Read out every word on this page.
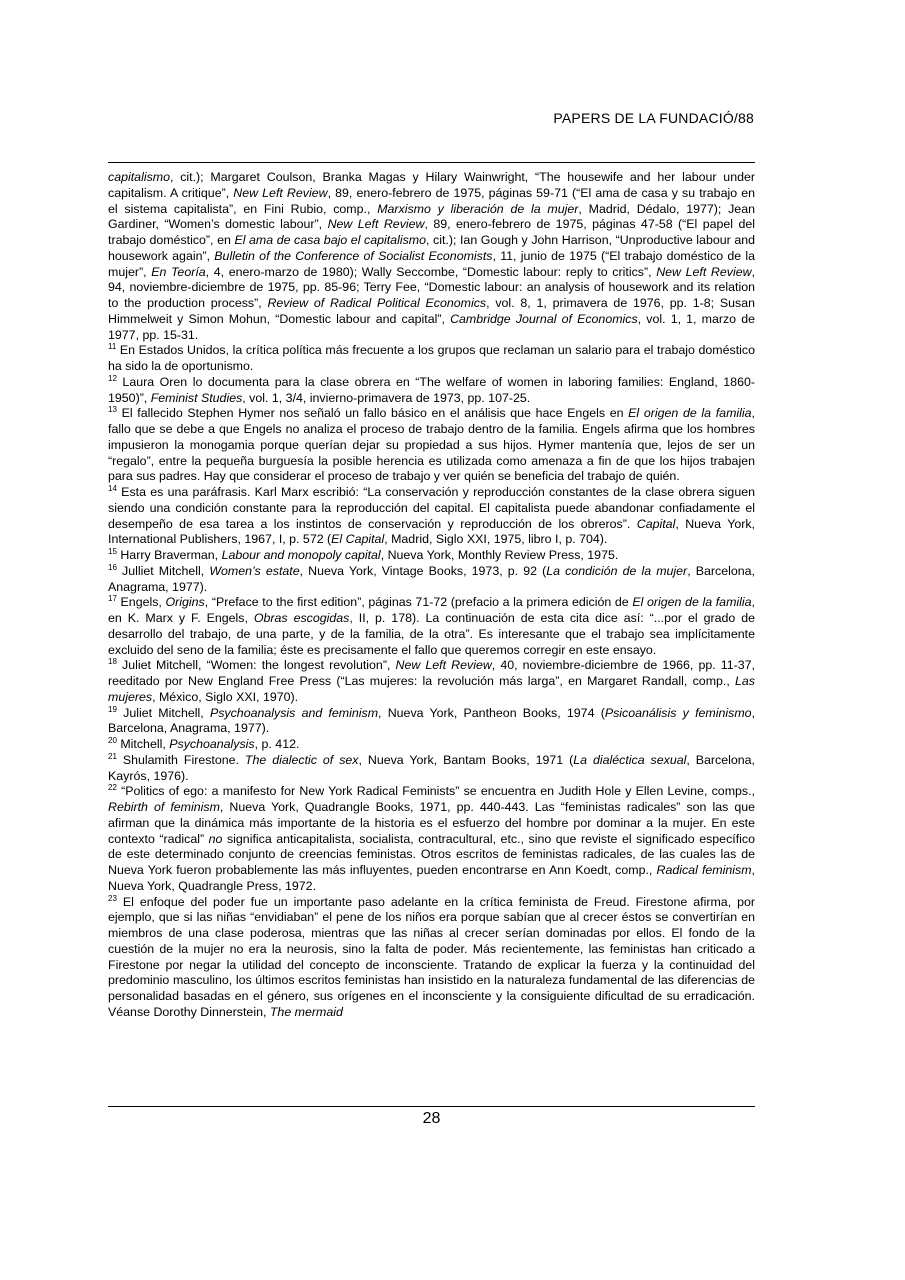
PAPERS DE LA FUNDACIÓ/88

capitalismo, cit.); Margaret Coulson, Branka Magas y Hilary Wainwright, “The housewife and her labour under capitalism. A critique”, New Left Review, 89, enero-febrero de 1975, páginas 59-71 (“El ama de casa y su trabajo en el sistema capitalista”, en Fini Rubio, comp., Marxismo y liberación de la mujer, Madrid, Dédalo, 1977); Jean Gardiner, “Women’s domestic labour”, New Left Review, 89, enero-febrero de 1975, páginas 47-58 (“El papel del trabajo doméstico”, en El ama de casa bajo el capitalismo, cit.); Ian Gough y John Harrison, “Unproductive labour and housework again”, Bulletin of the Conference of Socialist Economists, 11, junio de 1975 (“El trabajo doméstico de la mujer”, En Teoría, 4, enero-marzo de 1980); Wally Seccombe, “Domestic labour: reply to critics”, New Left Review, 94, noviembre-diciembre de 1975, pp. 85-96; Terry Fee, “Domestic labour: an analysis of housework and its relation to the production process”, Review of Radical Political Economics, vol. 8, 1, primavera de 1976, pp. 1-8; Susan Himmelweit y Simon Mohun, “Domestic labour and capital”, Cambridge Journal of Economics, vol. 1, 1, marzo de 1977, pp. 15-31.

$^{11}$ En Estados Unidos, la crítica política más frecuente a los grupos que reclaman un salario para el trabajo doméstico ha sido la de oportunismo.

$^{12}$ Laura Oren lo documenta para la clase obrera en “The welfare of women in laboring families: England, 1860-1950)”, Feminist Studies, vol. 1, 3/4, invierno-primavera de 1973, pp. 107-25.

$^{13}$ El fallecido Stephen Hymer nos señaló un fallo básico en el análisis que hace Engels en El origen de la familia, fallo que se debe a que Engels no analiza el proceso de trabajo dentro de la familia. Engels afirma que los hombres impusieron la monogamia porque querían dejar su propiedad a sus hijos. Hymer mantenía que, lejos de ser un “regalo”, entre la pequeña burguesía la posible herencia es utilizada como amenaza a fin de que los hijos trabajen para sus padres. Hay que considerar el proceso de trabajo y ver quién se beneficia del trabajo de quién.

$^{14}$ Esta es una paráfrasis. Karl Marx escribió: “La conservación y reproducción constantes de la clase obrera siguen siendo una condición constante para la reproducción del capital. El capitalista puede abandonar confiadamente el desempeño de esa tarea a los instintos de conservación y reproducción de los obreros”. Capital, Nueva York, International Publishers, 1967, I, p. 572 (El Capital, Madrid, Siglo XXI, 1975, libro I, p. 704).

$^{15}$ Harry Braverman, Labour and monopoly capital, Nueva York, Monthly Review Press, 1975.

$^{16}$ Julliet Mitchell, Women’s estate, Nueva York, Vintage Books, 1973, p. 92 (La condición de la mujer, Barcelona, Anagrama, 1977).

$^{17}$ Engels, Origins, “Preface to the first edition”, páginas 71-72 (prefacio a la primera edición de El origen de la familia, en K. Marx y F. Engels, Obras escogidas, II, p. 178). La continuación de esta cita dice así: “...por el grado de desarrollo del trabajo, de una parte, y de la familia, de la otra”. Es interesante que el trabajo sea implícitamente excluido del seno de la familia; éste es precisamente el fallo que queremos corregir en este ensayo.

$^{18}$ Juliet Mitchell, “Women: the longest revolution”, New Left Review, 40, noviembre-diciembre de 1966, pp. 11-37, reeditado por New England Free Press (“Las mujeres: la revolución más larga”, en Margaret Randall, comp., Las mujeres, México, Siglo XXI, 1970).

$^{19}$ Juliet Mitchell, Psychoanalysis and feminism, Nueva York, Pantheon Books, 1974 (Psicoanálisis y feminismo, Barcelona, Anagrama, 1977).

$^{20}$ Mitchell, Psychoanalysis, p. 412.

$^{21}$ Shulamith Firestone. The dialectic of sex, Nueva York, Bantam Books, 1971 (La dialéctica sexual, Barcelona, Kayrós, 1976).

$^{22}$ “Politics of ego: a manifesto for New York Radical Feminists” se encuentra en Judith Hole y Ellen Levine, comps., Rebirth of feminism, Nueva York, Quadrangle Books, 1971, pp. 440-443. Las “feministas radicales” son las que afirman que la dinámica más importante de la historia es el esfuerzo del hombre por dominar a la mujer. En este contexto “radical” no significa anticapitalista, socialista, contracultural, etc., sino que reviste el significado específico de este determinado conjunto de creencias feministas. Otros escritos de feministas radicales, de las cuales las de Nueva York fueron probablemente las más influyentes, pueden encontrarse en Ann Koedt, comp., Radical feminism, Nueva York, Quadrangle Press, 1972.

$^{23}$ El enfoque del poder fue un importante paso adelante en la crítica feminista de Freud. Firestone afirma, por ejemplo, que si las niñas “envidiaban” el pene de los niños era porque sabían que al crecer éstos se convertirían en miembros de una clase poderosa, mientras que las niñas al crecer serían dominadas por ellos. El fondo de la cuestión de la mujer no era la neurosis, sino la falta de poder. Más recientemente, las feministas han criticado a Firestone por negar la utilidad del concepto de inconsciente. Tratando de explicar la fuerza y la continuidad del predominio masculino, los últimos escritos feministas han insistido en la naturaleza fundamental de las diferencias de personalidad basadas en el género, sus orígenes en el inconsciente y la consiguiente dificultad de su erradicación. Véanse Dorothy Dinnerstein, The mermaid

28
